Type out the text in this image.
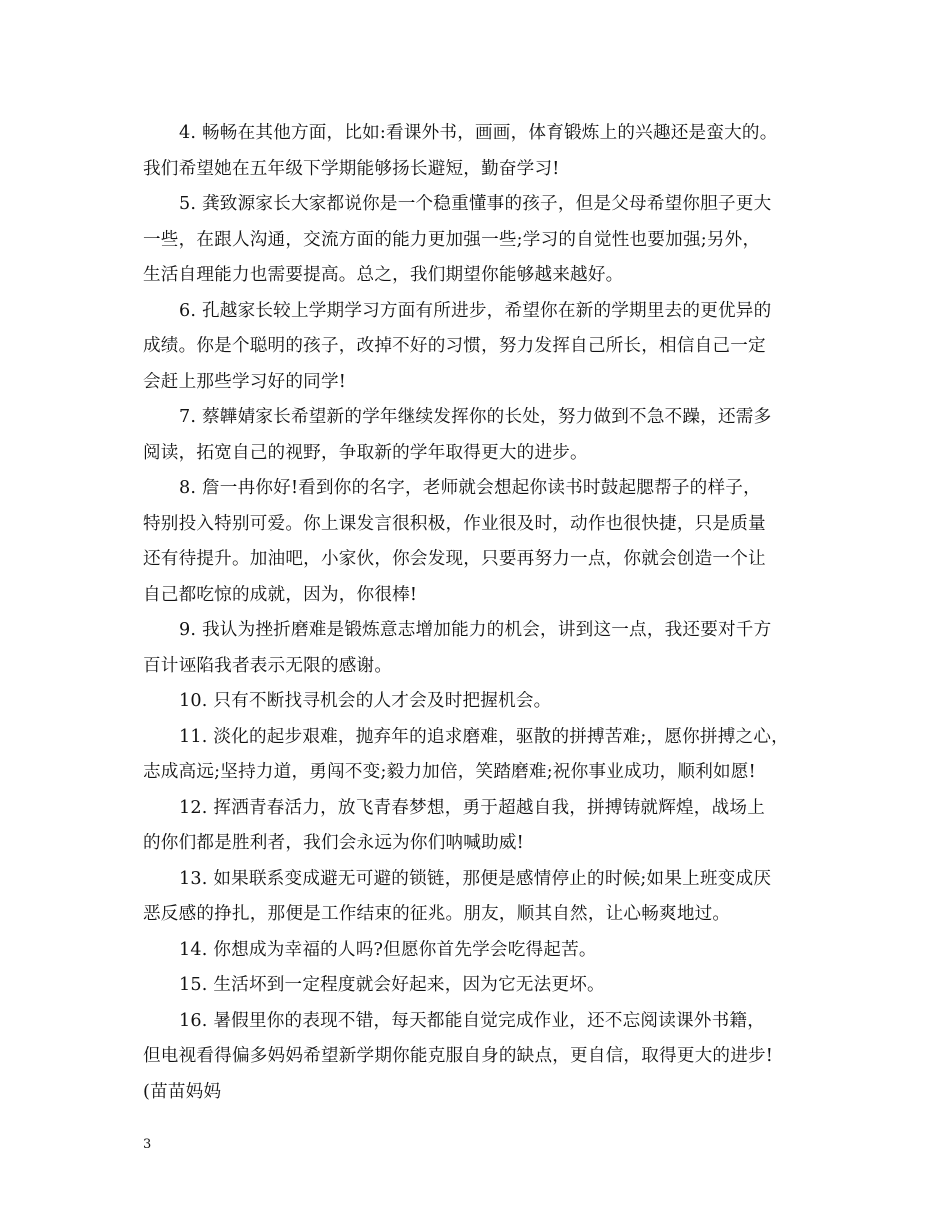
4. 畅畅在其他方面，比如:看课外书，画画，体育锻炼上的兴趣还是蛮大的。
我们希望她在五年级下学期能够扬长避短，勤奋学习!
5. 龚致源家长大家都说你是一个稳重懂事的孩子，但是父母希望你胆子更大
一些，在跟人沟通，交流方面的能力更加强一些;学习的自觉性也要加强;另外，
生活自理能力也需要提高。总之，我们期望你能够越来越好。
6. 孔越家长较上学期学习方面有所进步，希望你在新的学期里去的更优异的
成绩。你是个聪明的孩子，改掉不好的习惯，努力发挥自己所长，相信自己一定
会赶上那些学习好的同学!
7. 蔡韡婧家长希望新的学年继续发挥你的长处，努力做到不急不躁，还需多
阅读，拓宽自己的视野，争取新的学年取得更大的进步。
8. 詹一冉你好!看到你的名字，老师就会想起你读书时鼓起腮帮子的样子，
特别投入特别可爱。你上课发言很积极，作业很及时，动作也很快捷，只是质量
还有待提升。加油吧，小家伙，你会发现，只要再努力一点，你就会创造一个让
自己都吃惊的成就，因为，你很棒!
9. 我认为挫折磨难是锻炼意志增加能力的机会，讲到这一点，我还要对千方
百计诬陷我者表示无限的感谢。
10. 只有不断找寻机会的人才会及时把握机会。
11. 淡化的起步艰难，抛弃年的追求磨难，驱散的拼搏苦难;，愿你拼搏之心，
志成高远;坚持力道，勇闯不变;毅力加倍，笑踏磨难;祝你事业成功，顺利如愿!
12. 挥洒青春活力，放飞青春梦想，勇于超越自我，拼搏铸就辉煌，战场上
的你们都是胜利者，我们会永远为你们呐喊助威!
13. 如果联系变成避无可避的锁链，那便是感情停止的时候;如果上班变成厌
恶反感的挣扎，那便是工作结束的征兆。朋友，顺其自然，让心畅爽地过。
14. 你想成为幸福的人吗?但愿你首先学会吃得起苦。
15. 生活坏到一定程度就会好起来，因为它无法更坏。
16. 暑假里你的表现不错，每天都能自觉完成作业，还不忘阅读课外书籍，
但电视看得偏多妈妈希望新学期你能克服自身的缺点，更自信，取得更大的进步!
(苗苗妈妈
3
